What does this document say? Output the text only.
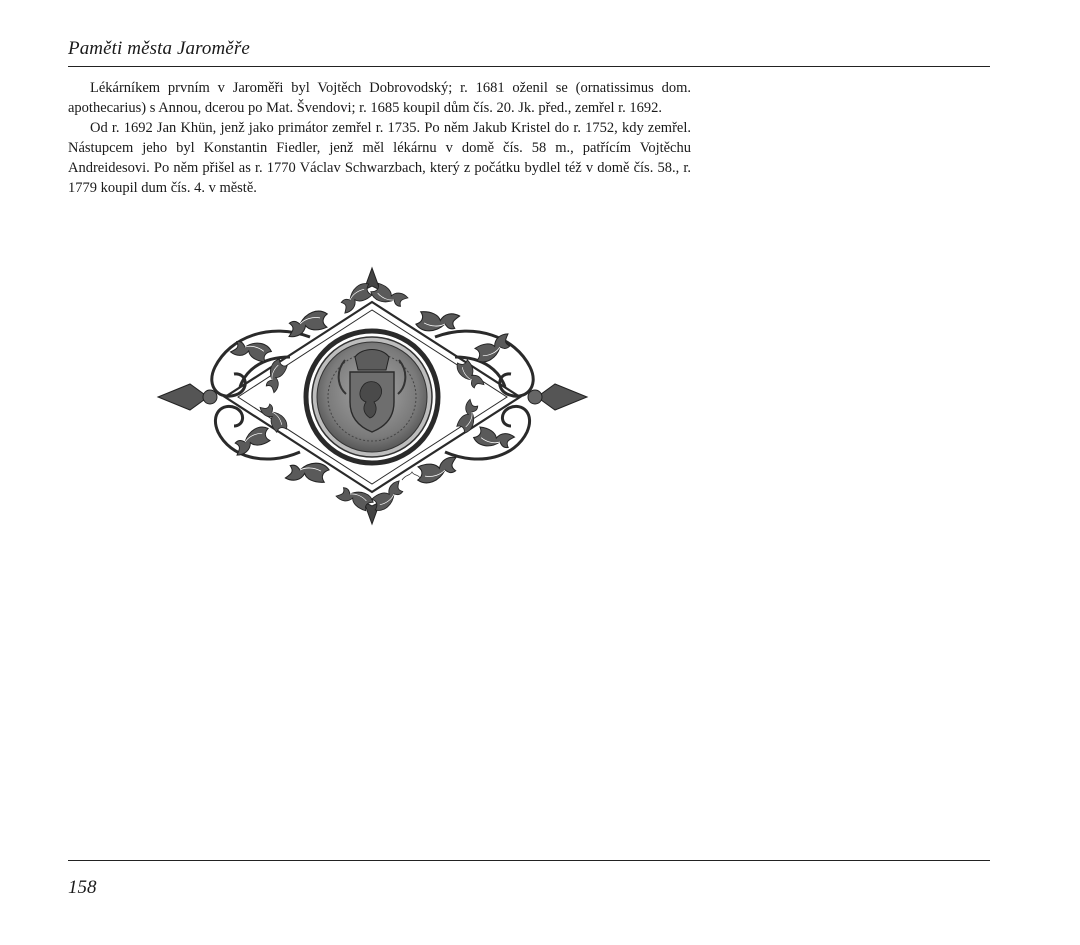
Paměti města Jaroměře

Lékárníkem prvním v Jaroměři byl Vojtěch Dobrovodský; r. 1681 oženil se (ornatissimus dom. apothecarius) s Annou, dcerou po Mat. Švendovi; r. 1685 koupil dům čís. 20. Jk. před., zemřel r. 1692.

Od r. 1692 Jan Khün, jenž jako primátor zemřel r. 1735. Po něm Jakub Kristel do r. 1752, kdy zemřel. Nástupcem jeho byl Konstantin Fiedler, jenž měl lékárnu v domě čís. 58 m., patřícím Vojtěchu Andreidesovi. Po něm přišel as r. 1770 Václav Schwarzbach, který z počátku bydlel též v domě čís. 58., r. 1779 koupil dum čís. 4. v městě.

158
